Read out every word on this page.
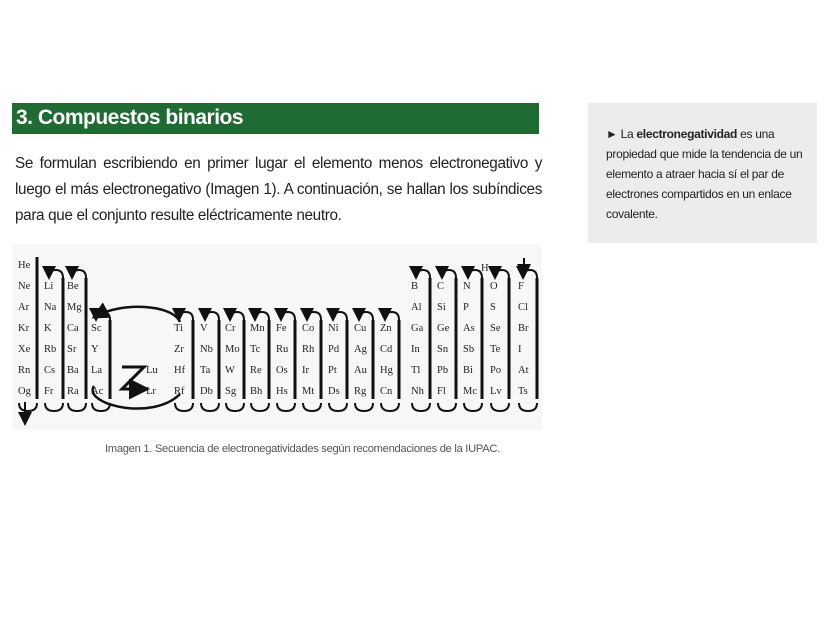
3. Compuestos binarios
Se formulan escribiendo en primer lugar el elemento menos electronegativo y luego el más electronegativo (Imagen 1). A continuación, se hallan los subíndices para que el conjunto resulte eléctricamente neutro.

► La electronegatividad es una propiedad que mide la tendencia de un elemento a atraer hacia sí el par de electrones compartidos en un enlace covalente.

He
Ne
Ar
Kr
Xe
Rn
Og
Li
Na
K
Rb
Cs
Fr
Be
Mg
Ca
Sr
Ba
Ra
Sc
Y
La
Ac
Lu
Lr
Ti
Zr
Hf
Rf
V
Nb
Ta
Db
Cr
Mo
W
Sg
Mn
Tc
Re
Bh
Fe
Ru
Os
Hs
Co
Rh
Ir
Mt
Ni
Pd
Pt
Ds
Cu
Ag
Au
Rg
Zn
Cd
Hg
Cn
B
Al
Ga
In
Tl
Nh
C
Si
Ge
Sn
Pb
Fl
N
P
As
Sb
Bi
Mc
O
S
Se
Te
Po
Lv
F
Cl
Br
I
At
Ts
H
Imagen 1. Secuencia de electronegatividades según recomendaciones de la IUPAC.
